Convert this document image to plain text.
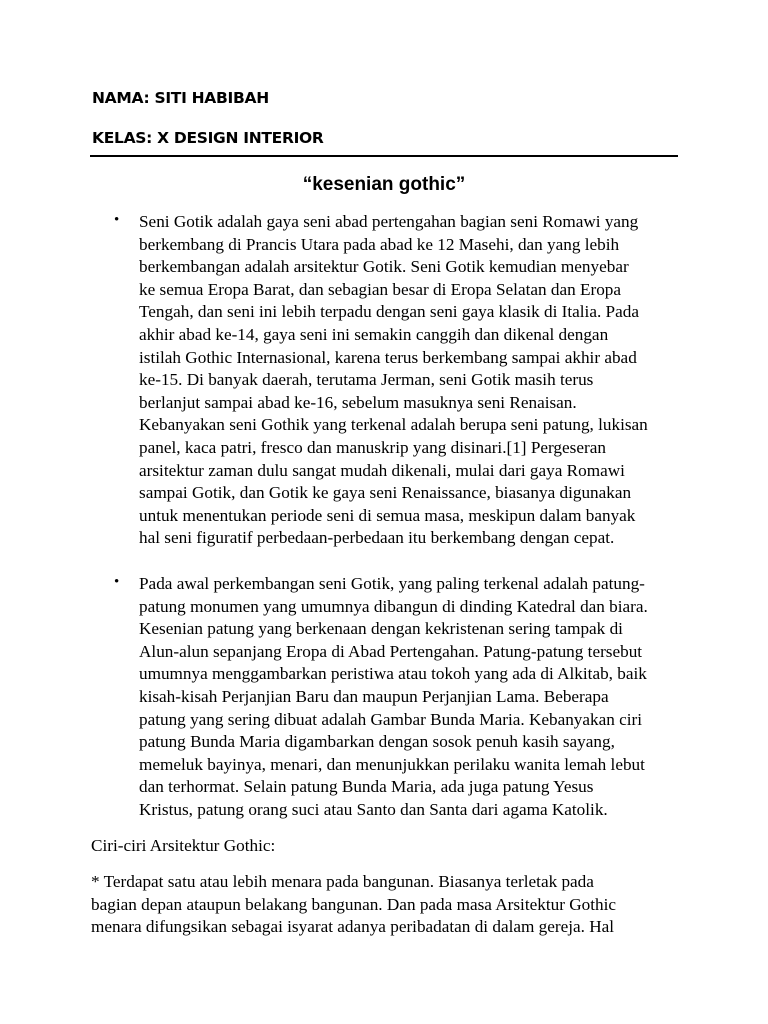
NAMA: SITI HABIBAH
KELAS: X DESIGN INTERIOR
“kesenian gothic”
• Seni Gotik adalah gaya seni abad pertengahan bagian seni Romawi yang
berkembang di Prancis Utara pada abad ke 12 Masehi, dan yang lebih
berkembangan adalah arsitektur Gotik. Seni Gotik kemudian menyebar
ke semua Eropa Barat, dan sebagian besar di Eropa Selatan dan Eropa
Tengah, dan seni ini lebih terpadu dengan seni gaya klasik di Italia. Pada
akhir abad ke-14, gaya seni ini semakin canggih dan dikenal dengan
istilah Gothic Internasional, karena terus berkembang sampai akhir abad
ke-15. Di banyak daerah, terutama Jerman, seni Gotik masih terus
berlanjut sampai abad ke-16, sebelum masuknya seni Renaisan.
Kebanyakan seni Gothik yang terkenal adalah berupa seni patung, lukisan
panel, kaca patri, fresco dan manuskrip yang disinari.[1] Pergeseran
arsitektur zaman dulu sangat mudah dikenali, mulai dari gaya Romawi
sampai Gotik, dan Gotik ke gaya seni Renaissance, biasanya digunakan
untuk menentukan periode seni di semua masa, meskipun dalam banyak
hal seni figuratif perbedaan-perbedaan itu berkembang dengan cepat.
• Pada awal perkembangan seni Gotik, yang paling terkenal adalah patung-
patung monumen yang umumnya dibangun di dinding Katedral dan biara.
Kesenian patung yang berkenaan dengan kekristenan sering tampak di
Alun-alun sepanjang Eropa di Abad Pertengahan. Patung-patung tersebut
umumnya menggambarkan peristiwa atau tokoh yang ada di Alkitab, baik
kisah-kisah Perjanjian Baru dan maupun Perjanjian Lama. Beberapa
patung yang sering dibuat adalah Gambar Bunda Maria. Kebanyakan ciri
patung Bunda Maria digambarkan dengan sosok penuh kasih sayang,
memeluk bayinya, menari, dan menunjukkan perilaku wanita lemah lebut
dan terhormat. Selain patung Bunda Maria, ada juga patung Yesus
Kristus, patung orang suci atau Santo dan Santa dari agama Katolik.
Ciri-ciri Arsitektur Gothic:
* Terdapat satu atau lebih menara pada bangunan. Biasanya terletak pada
bagian depan ataupun belakang bangunan. Dan pada masa Arsitektur Gothic
menara difungsikan sebagai isyarat adanya peribadatan di dalam gereja. Hal
